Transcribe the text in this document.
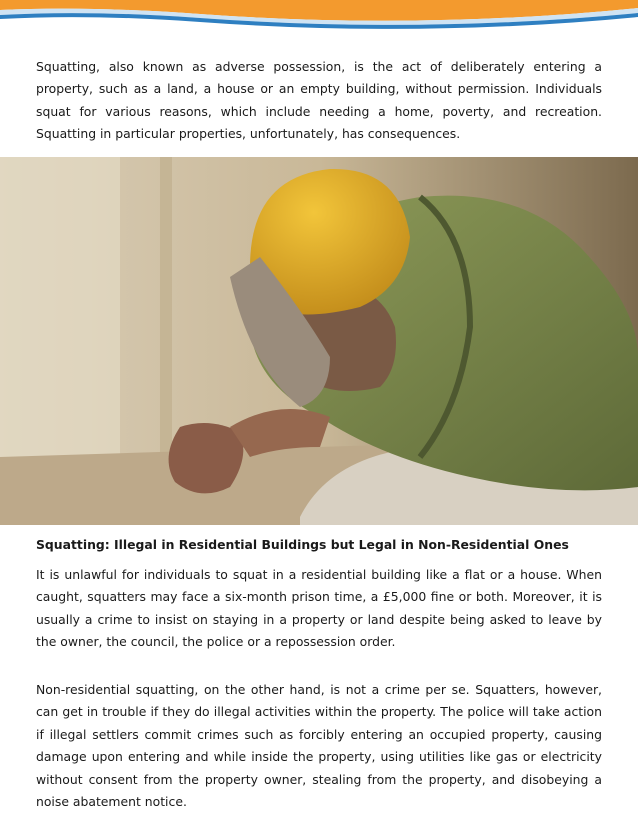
Squatting, also known as adverse possession, is the act of deliberately entering a property, such as a land, a house or an empty building, without permission. Individuals squat for various reasons, which include needing a home, poverty, and recreation. Squatting in particular properties, unfortunately, has consequences.

Squatting: Illegal in Residential Buildings but Legal in Non-Residential Ones

It is unlawful for individuals to squat in a residential building like a flat or a house. When caught, squatters may face a six-month prison time, a £5,000 fine or both. Moreover, it is usually a crime to insist on staying in a property or land despite being asked to leave by the owner, the council, the police or a repossession order.

Non-residential squatting, on the other hand, is not a crime per se. Squatters, however, can get in trouble if they do illegal activities within the property. The police will take action if illegal settlers commit crimes such as forcibly entering an occupied property, causing damage upon entering and while inside the property, using utilities like gas or electricity without consent from the property owner, stealing from the property, and disobeying a noise abatement notice.
